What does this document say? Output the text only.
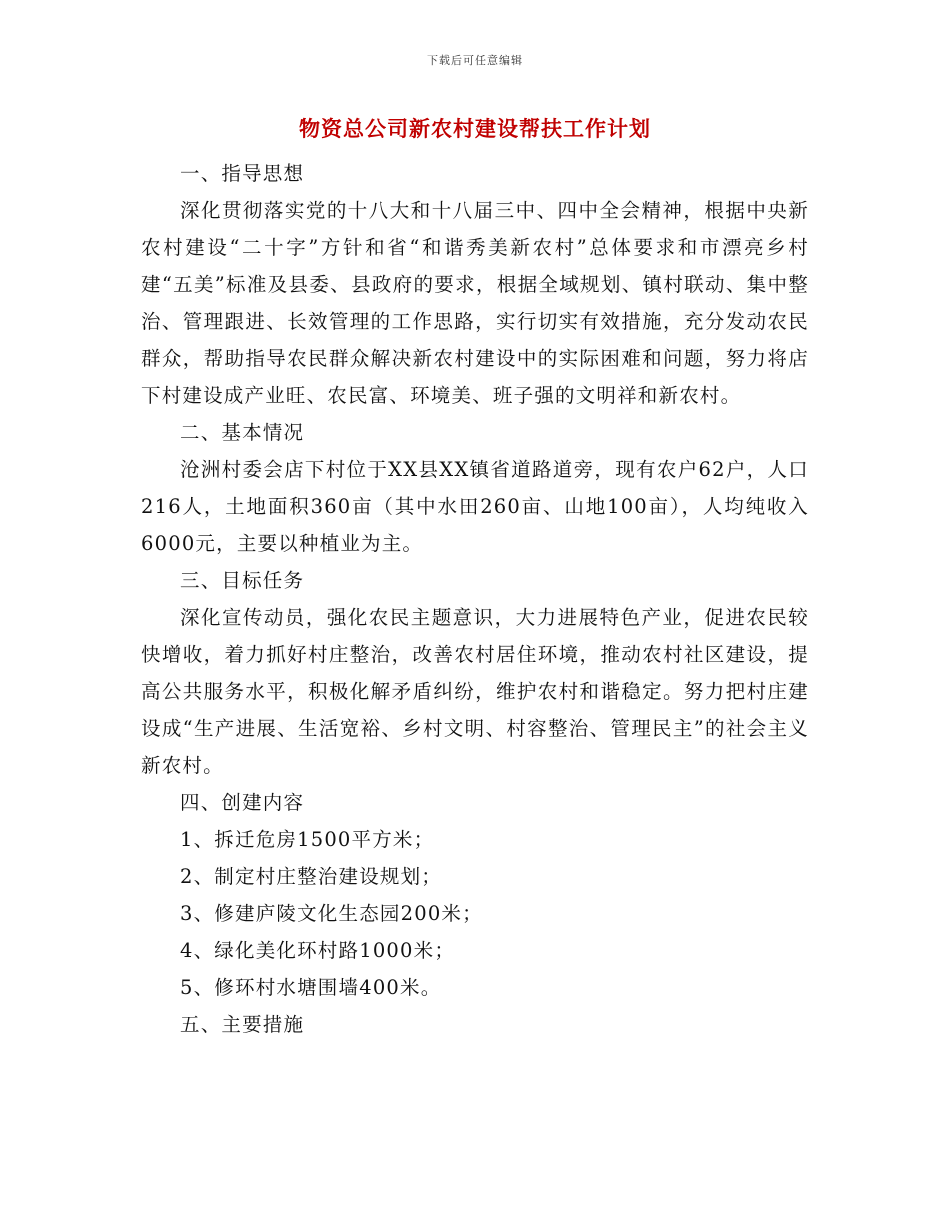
下载后可任意编辑
物资总公司新农村建设帮扶工作计划

一、指导思想

深化贯彻落实党的十八大和十八届三中、四中全会精神，根据中央新农村建设“二十字”方针和省“和谐秀美新农村”总体要求和市漂亮乡村建“五美”标准及县委、县政府的要求，根据全域规划、镇村联动、集中整治、管理跟进、长效管理的工作思路，实行切实有效措施，充分发动农民群众，帮助指导农民群众解决新农村建设中的实际困难和问题，努力将店下村建设成产业旺、农民富、环境美、班子强的文明祥和新农村。

二、基本情况

沧洲村委会店下村位于XX县XX镇省道路道旁，现有农户62户，人口216人，土地面积360亩（其中水田260亩、山地100亩），人均纯收入6000元，主要以种植业为主。

三、目标任务

深化宣传动员，强化农民主题意识，大力进展特色产业，促进农民较快增收，着力抓好村庄整治，改善农村居住环境，推动农村社区建设，提高公共服务水平，积极化解矛盾纠纷，维护农村和谐稳定。努力把村庄建设成“生产进展、生活宽裕、乡村文明、村容整治、管理民主”的社会主义新农村。

四、创建内容

1、拆迁危房1500平方米；

2、制定村庄整治建设规划；

3、修建庐陵文化生态园200米；

4、绿化美化环村路1000米；

5、修环村水塘围墙400米。

五、主要措施
